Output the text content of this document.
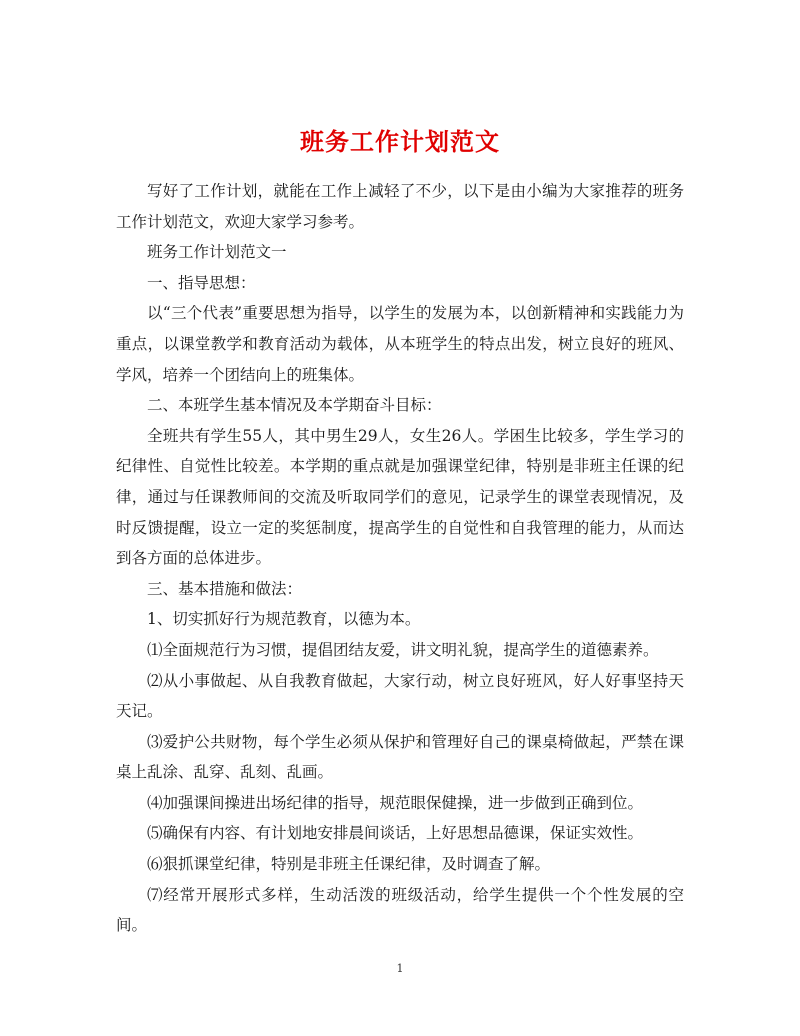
班务工作计划范文

写好了工作计划，就能在工作上减轻了不少，以下是由小编为大家推荐的班务工作计划范文，欢迎大家学习参考。

班务工作计划范文一

一、指导思想：

以“三个代表”重要思想为指导，以学生的发展为本，以创新精神和实践能力为重点，以课堂教学和教育活动为载体，从本班学生的特点出发，树立良好的班风、学风，培养一个团结向上的班集体。

二、本班学生基本情况及本学期奋斗目标：

全班共有学生55人，其中男生29人，女生26人。学困生比较多，学生学习的纪律性、自觉性比较差。本学期的重点就是加强课堂纪律，特别是非班主任课的纪律，通过与任课教师间的交流及听取同学们的意见，记录学生的课堂表现情况，及时反馈提醒，设立一定的奖惩制度，提高学生的自觉性和自我管理的能力，从而达到各方面的总体进步。

三、基本措施和做法：

1、切实抓好行为规范教育，以德为本。

⑴全面规范行为习惯，提倡团结友爱，讲文明礼貌，提高学生的道德素养。

⑵从小事做起、从自我教育做起，大家行动，树立良好班风，好人好事坚持天天记。

⑶爱护公共财物，每个学生必须从保护和管理好自己的课桌椅做起，严禁在课桌上乱涂、乱穿、乱刻、乱画。

⑷加强课间操进出场纪律的指导，规范眼保健操，进一步做到正确到位。

⑸确保有内容、有计划地安排晨间谈话，上好思想品德课，保证实效性。

⑹狠抓课堂纪律，特别是非班主任课纪律，及时调查了解。

⑺经常开展形式多样，生动活泼的班级活动，给学生提供一个个性发展的空间。

1
